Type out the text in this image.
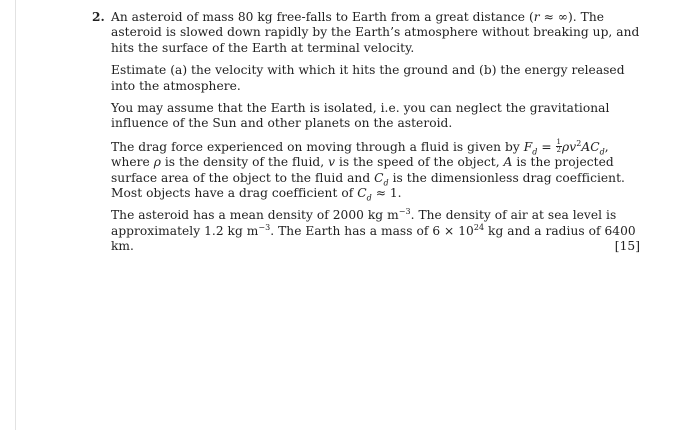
2. An asteroid of mass 80 kg free-falls to Earth from a great distance (r ≈ ∞). The asteroid is slowed down rapidly by the Earth’s atmosphere without breaking up, and hits the surface of the Earth at terminal velocity.
Estimate (a) the velocity with which it hits the ground and (b) the energy released into the atmosphere.
You may assume that the Earth is isolated, i.e. you can neglect the gravitational influence of the Sun and other planets on the asteroid.
The drag force experienced on moving through a fluid is given by $F_d = \frac{1}{2} \rho v^2AC_d$, where ρ is the density of the fluid, v is the speed of the object, A is the projected surface area of the object to the fluid and $C_d$ is the dimensionless drag coefficient. Most objects have a drag coefficient of $C_d \approx 1$.
The asteroid has a mean density of 2000 kg $m^{-3}$. The density of air at sea level is approximately 1.2 kg $m^{-3}$. The Earth has a mass of $6 \times 10^{24}$ kg and a radius of 6400 km.	[15]
